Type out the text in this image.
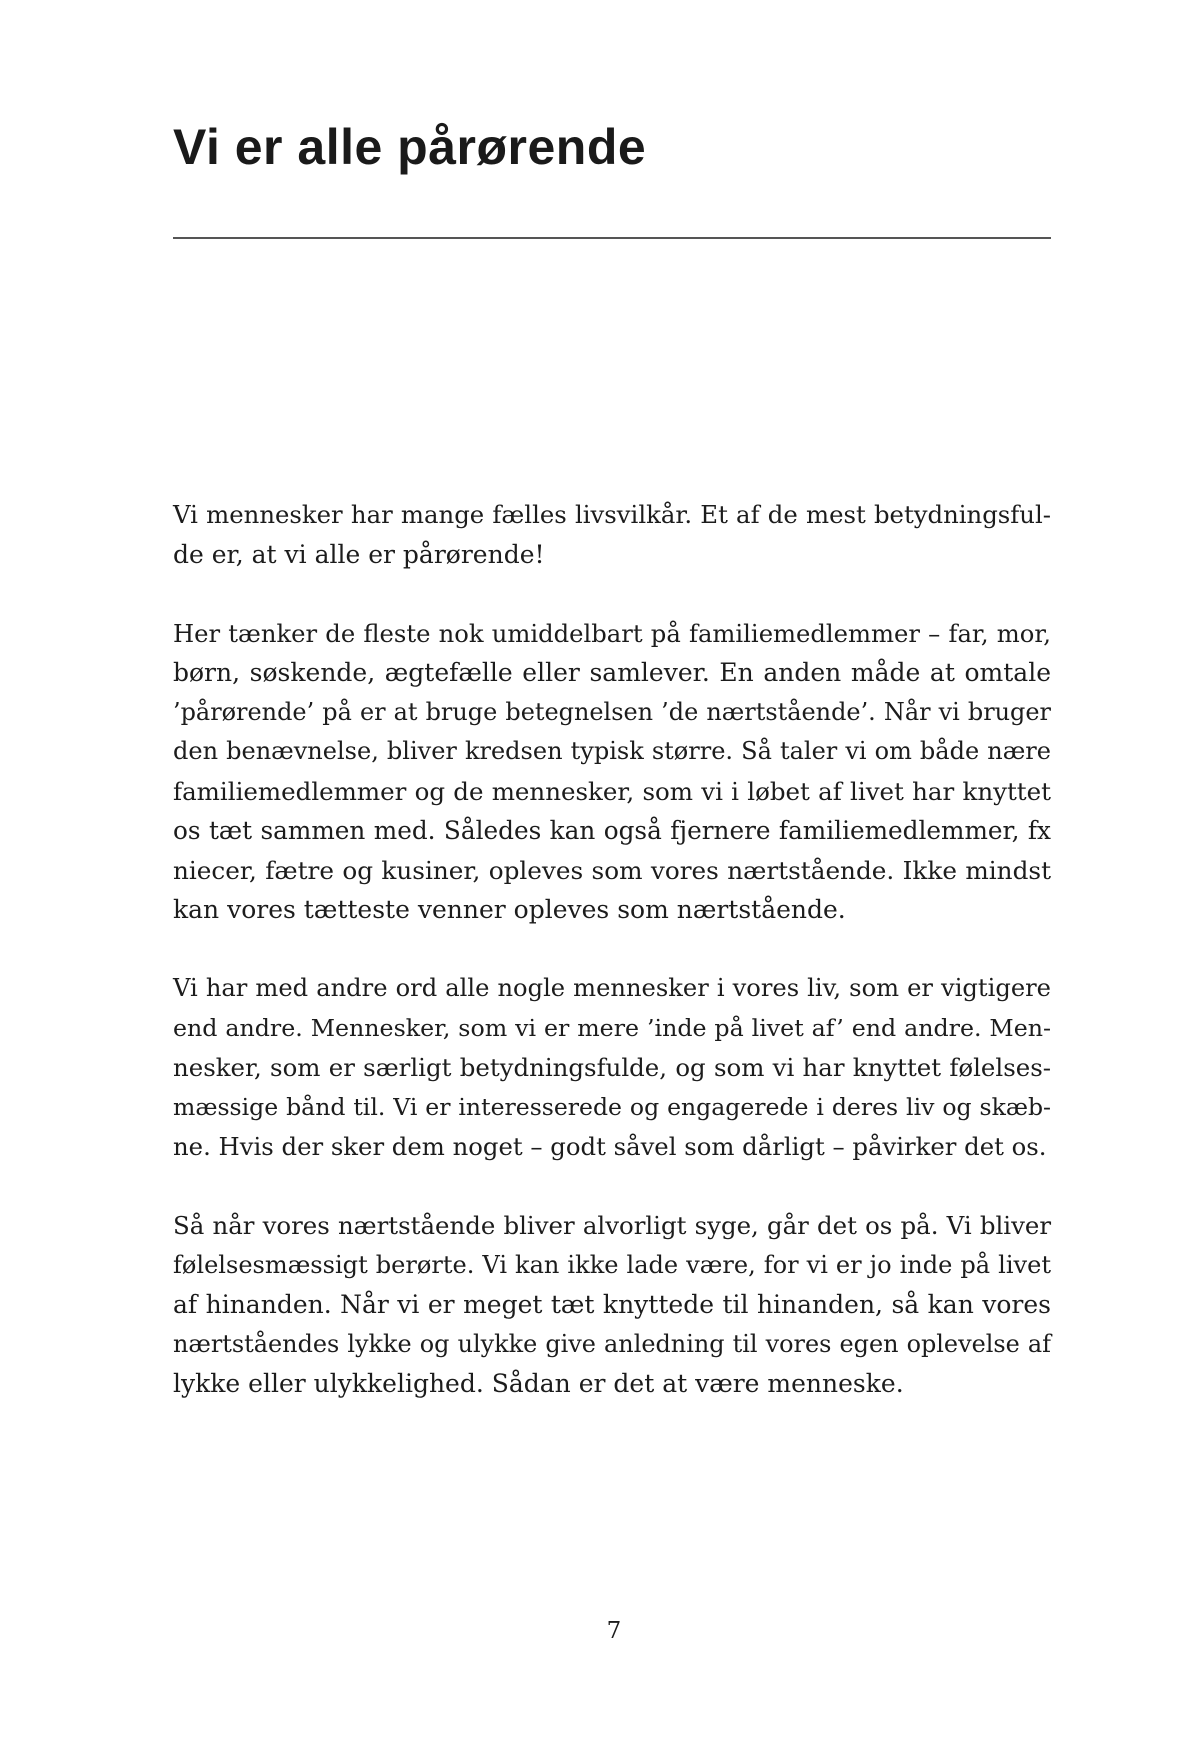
Vi er alle pårørende

Vi mennesker har mange fælles livsvilkår. Et af de mest betydningsful-
de er, at vi alle er pårørende!

Her tænker de fleste nok umiddelbart på familiemedlemmer – far, mor,
børn, søskende, ægtefælle eller samlever. En anden måde at omtale
’pårørende’ på er at bruge betegnelsen ’de nærtstående’. Når vi bruger
den benævnelse, bliver kredsen typisk større. Så taler vi om både nære
familiemedlemmer og de mennesker, som vi i løbet af livet har knyttet
os tæt sammen med. Således kan også fjernere familiemedlemmer, fx
niecer, fætre og kusiner, opleves som vores nærtstående. Ikke mindst
kan vores tætteste venner opleves som nærtstående.

Vi har med andre ord alle nogle mennesker i vores liv, som er vigtigere
end andre. Mennesker, som vi er mere ’inde på livet af’ end andre. Men-
nesker, som er særligt betydningsfulde, og som vi har knyttet følelses-
mæssige bånd til. Vi er interesserede og engagerede i deres liv og skæb-
ne. Hvis der sker dem noget – godt såvel som dårligt – påvirker det os.

Så når vores nærtstående bliver alvorligt syge, går det os på. Vi bliver
følelsesmæssigt berørte. Vi kan ikke lade være, for vi er jo inde på livet
af hinanden. Når vi er meget tæt knyttede til hinanden, så kan vores
nærtståendes lykke og ulykke give anledning til vores egen oplevelse af
lykke eller ulykkelighed. Sådan er det at være menneske.

7
